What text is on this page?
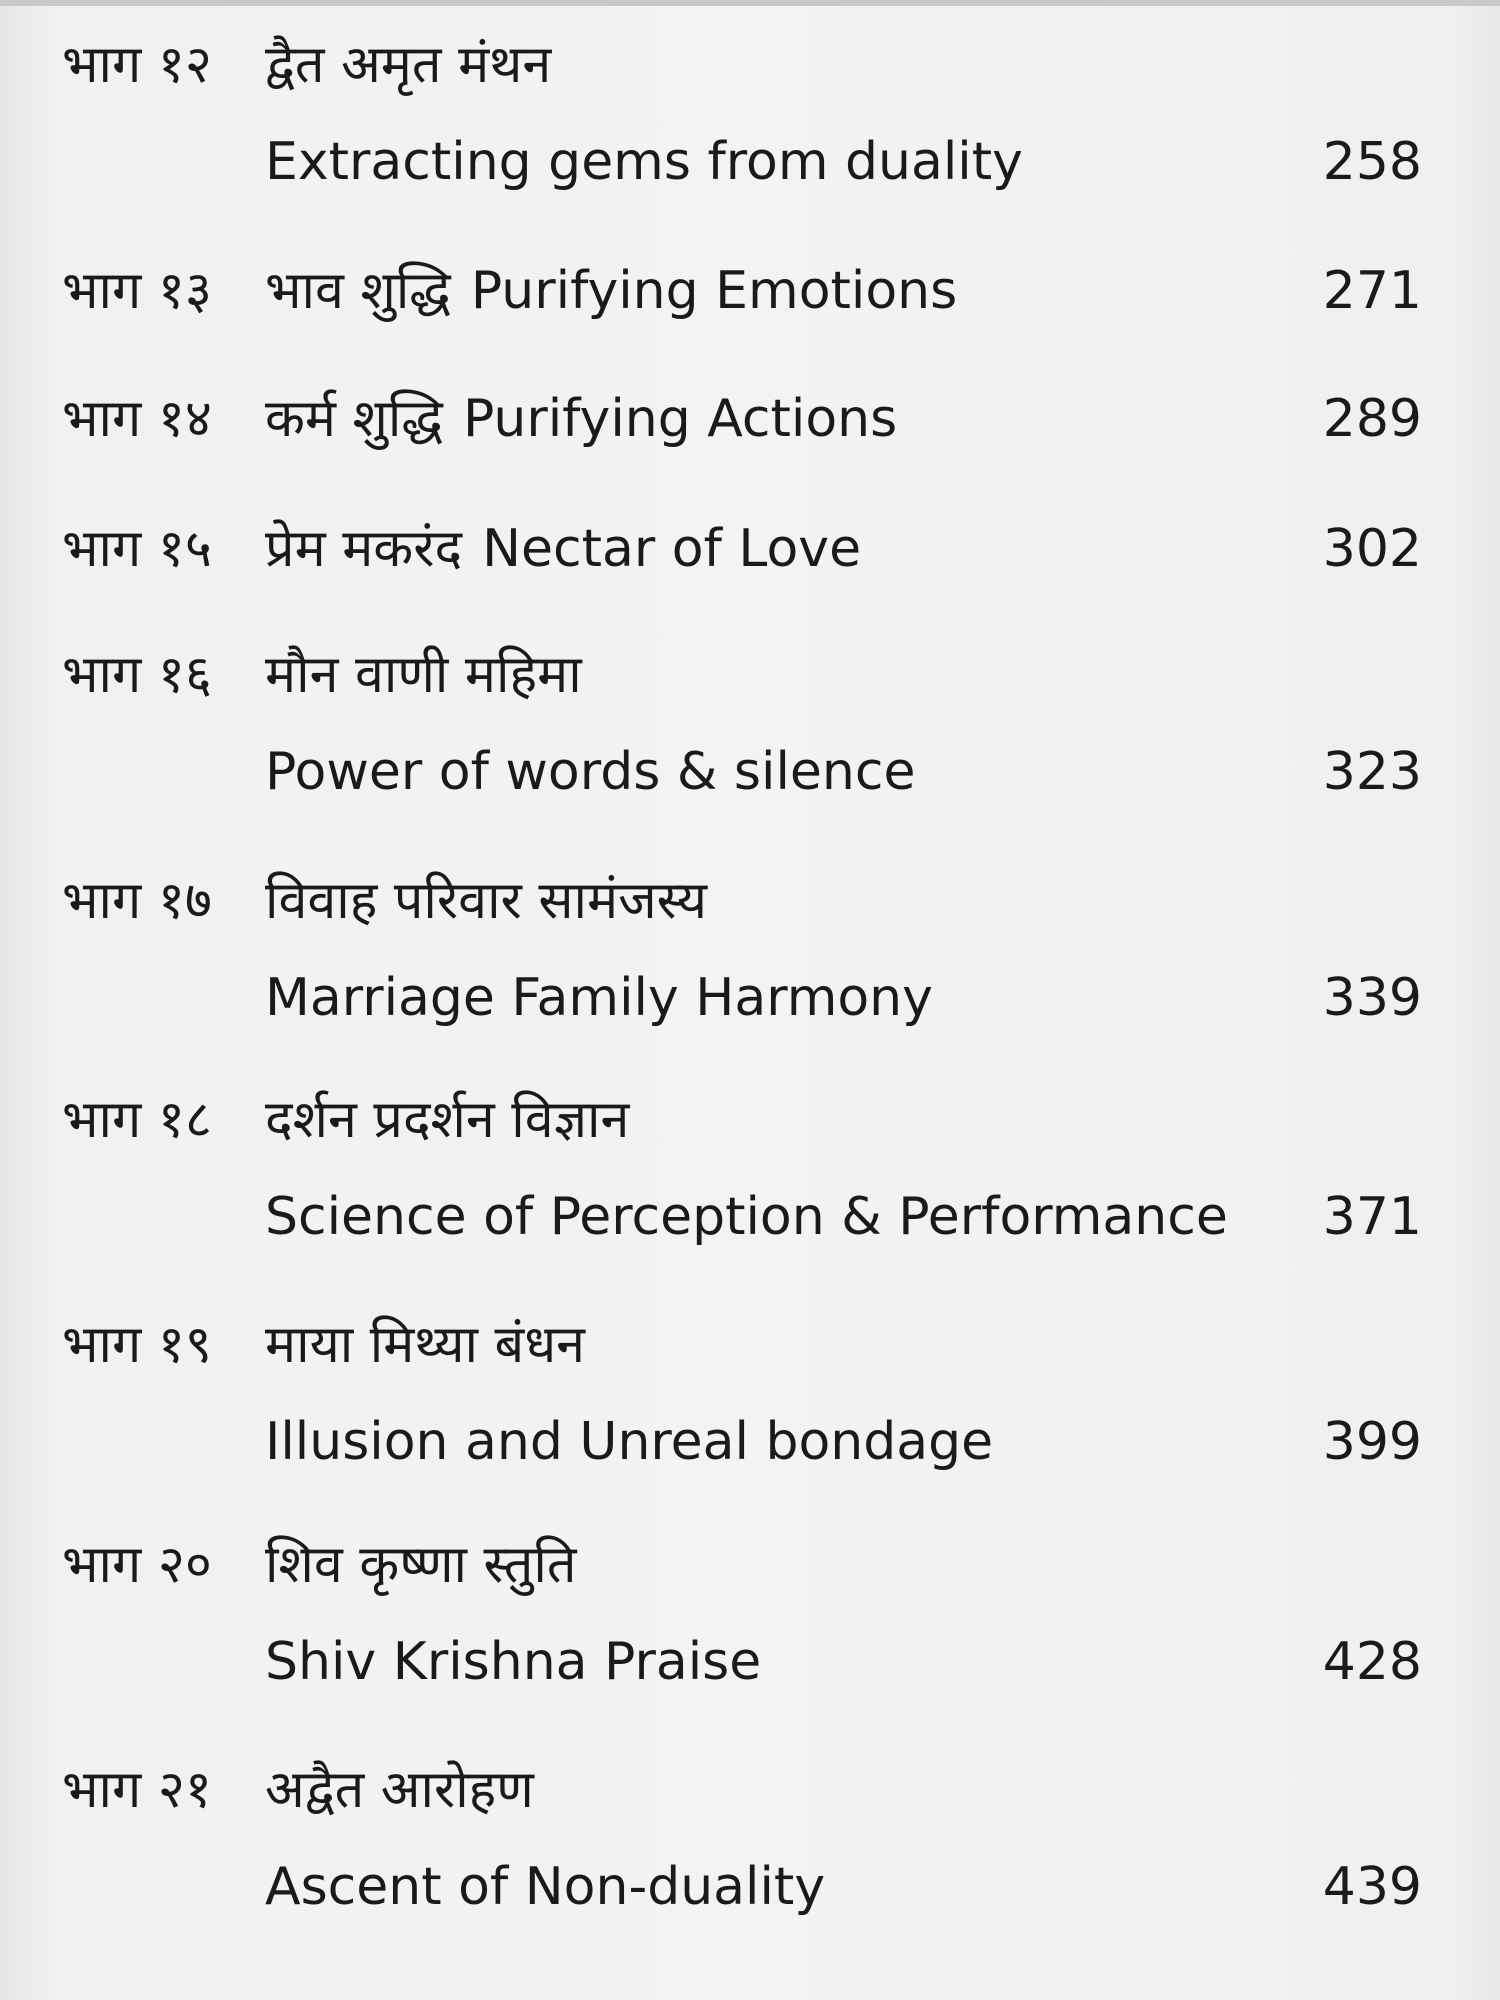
भाग १२ द्वैत अमृत मंथन
Extracting gems from duality	258
भाग १३ भाव शुद्धि Purifying Emotions	271
भाग १४ कर्म शुद्धि Purifying Actions	289
भाग १५ प्रेम मकरंद Nectar of Love	302
भाग १६ मौन वाणी महिमा
Power of words & silence	323
भाग १७ विवाह परिवार सामंजस्य
Marriage Family Harmony	339
भाग १८ दर्शन प्रदर्शन विज्ञान
Science of Perception & Performance 371
भाग १९ माया मिथ्या बंधन
Illusion and Unreal bondage	399
भाग २० शिव कृष्णा स्तुति
Shiv Krishna Praise	428
भाग २१ अद्वैत आरोहण
Ascent of Non-duality	439
